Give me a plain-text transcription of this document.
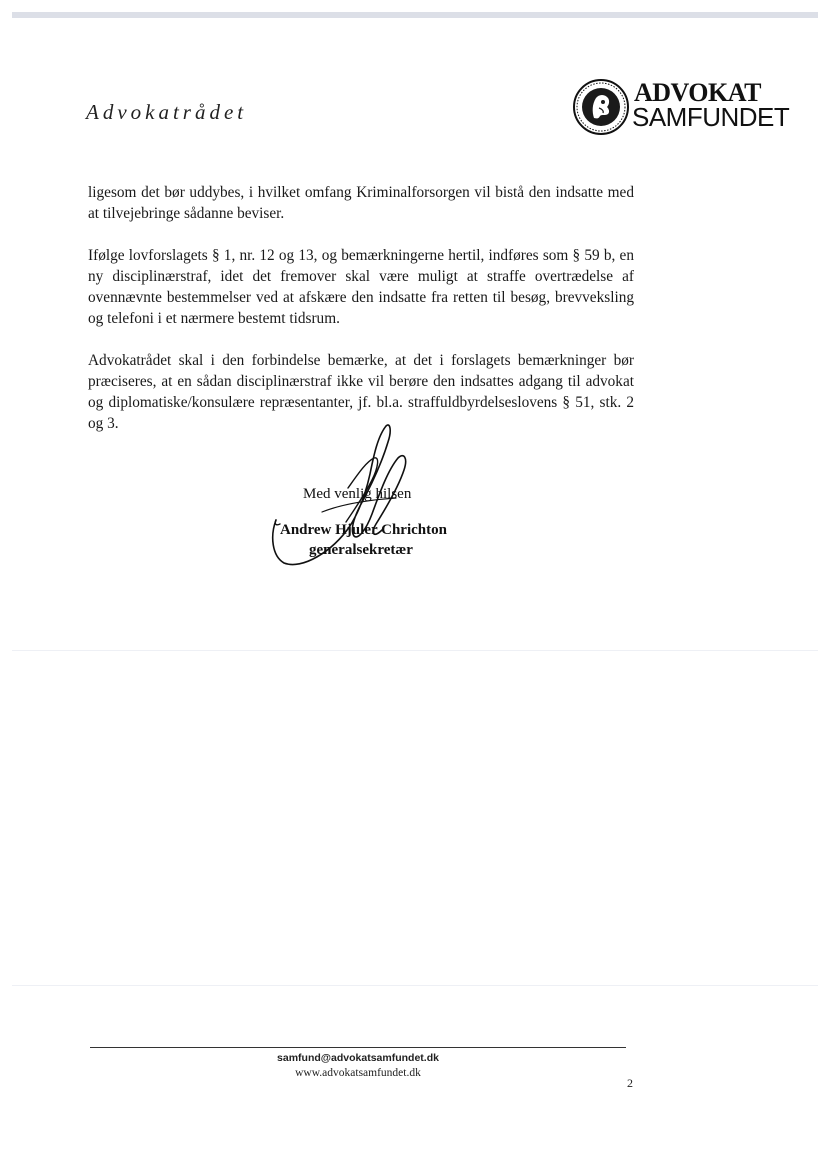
Advokatrådet
ADVOKAT
SAMFUNDET

ligesom det bør uddybes, i hvilket omfang Kriminalforsorgen vil bistå den indsatte med at tilvejebringe sådanne beviser.

Ifølge lovforslagets § 1, nr. 12 og 13, og bemærkningerne hertil, indføres som § 59 b, en ny disciplinærstraf, idet det fremover skal være muligt at straffe overtrædelse af ovennævnte bestemmelser ved at afskære den indsatte fra retten til besøg, brevveksling og telefoni i et nærmere bestemt tidsrum.

Advokatrådet skal i den forbindelse bemærke, at det i forslagets bemærkninger bør præciseres, at en sådan disciplinærstraf ikke vil berøre den indsattes adgang til advokat og diplomatiske/konsulære repræsentanter, jf. bl.a. straffuldbyrdelseslovens § 51, stk. 2 og 3.

Med venlig hilsen
Andrew Hjuler Chrichton
generalsekretær
samfund@advokatsamfundet.dk
www.advokatsamfundet.dk
2
